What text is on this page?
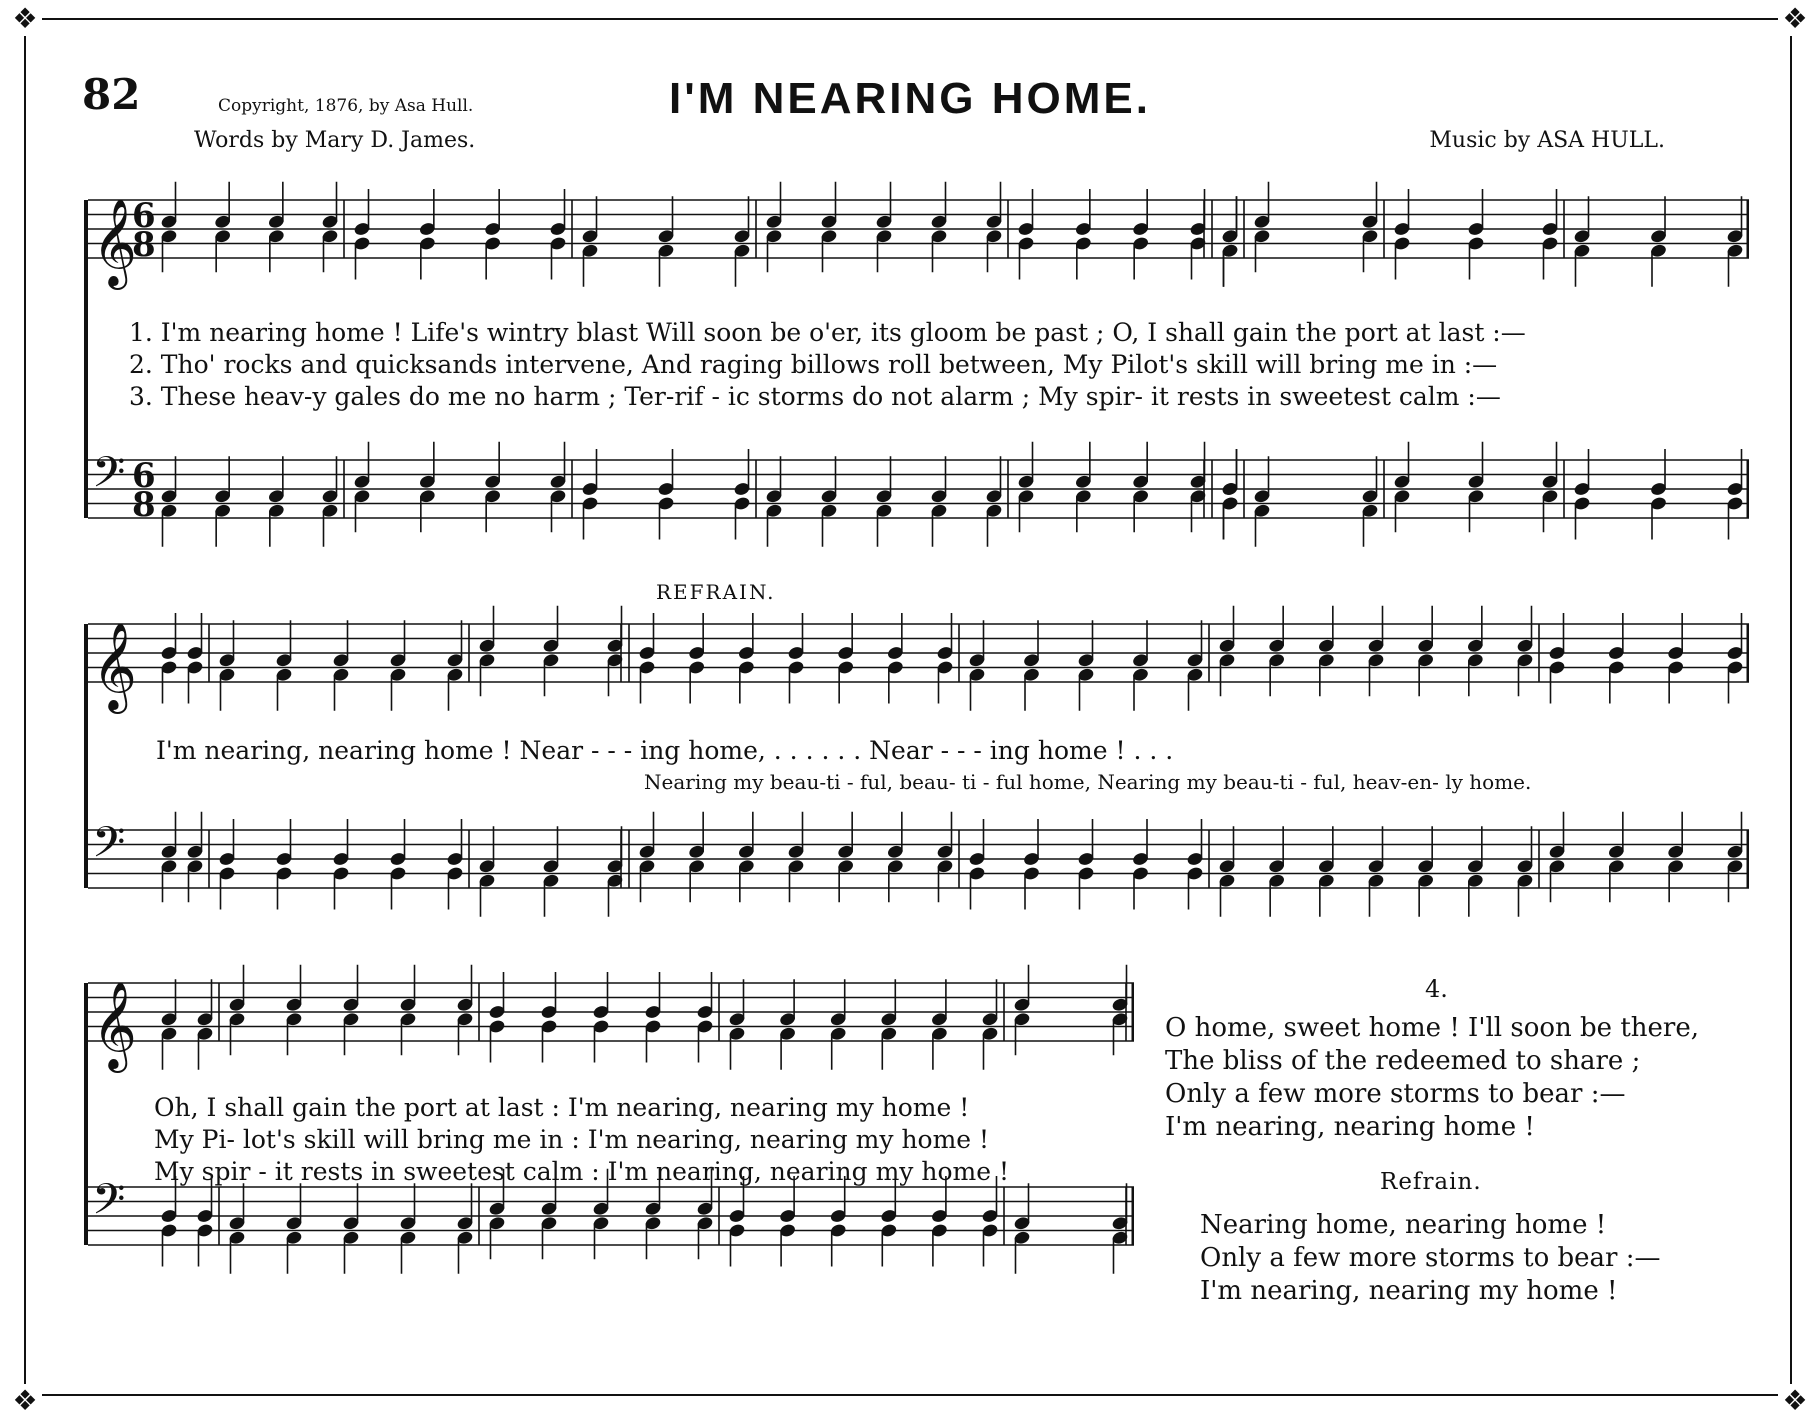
❖	❖
❖	❖
82	Copyright, 1876, by Asa Hull.	I'M NEARING HOME.
Words by Mary D. James.	Music by ASA HULL.
𝄞
6
8
𝄢 6
8
1. I'm nearing home ! Life's wintry blast Will soon be o'er, its gloom be past ; O, I shall gain the port at last :—
2. Tho' rocks and quicksands intervene, And raging billows roll between, My Pilot's skill will bring me in :—
3. These heav-y gales do me no harm ; Ter-rif - ic storms do not alarm ; My spir- it rests in sweetest calm :—
REFRAIN.
𝄞
𝄢
I'm nearing, nearing home ! Near - - - ing home, . . . . . . Near - - - ing home ! . . .
Nearing my beau-ti - ful, beau- ti - ful home, Nearing my beau-ti - ful, heav-en- ly home.
𝄞
𝄢
Oh, I shall gain the port at last : I'm nearing, nearing my home !
My Pi- lot's skill will bring me in : I'm nearing, nearing my home !
My spir - it rests in sweetest calm : I'm nearing, nearing my home !
4.
O home, sweet home ! I'll soon be there,
The bliss of the redeemed to share ;
Only a few more storms to bear :—
I'm nearing, nearing home !
Refrain.
Nearing home, nearing home !
Only a few more storms to bear :—
I'm nearing, nearing my home !
